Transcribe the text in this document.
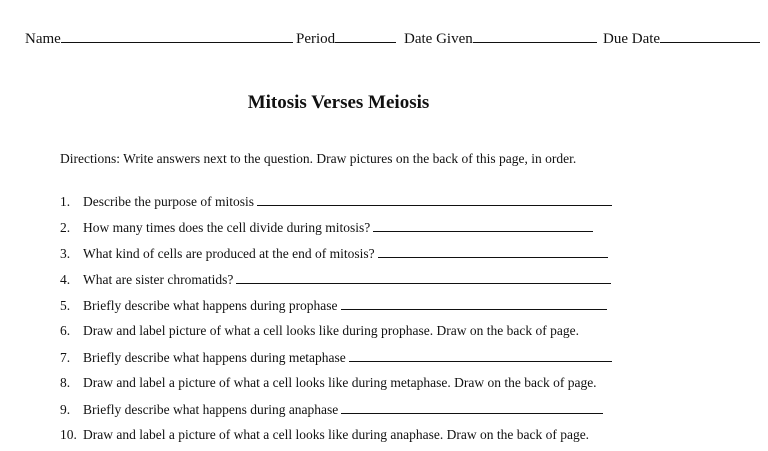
Name	Period	Date Given	Due Date
Mitosis Verses Meiosis
Directions: Write answers next to the question. Draw pictures on the back of this page, in order.
1. Describe the purpose of mitosis
2. How many times does the cell divide during mitosis?
3. What kind of cells are produced at the end of mitosis?
4. What are sister chromatids?
5. Briefly describe what happens during prophase
6. Draw and label picture of what a cell looks like during prophase. Draw on the back of page.
7. Briefly describe what happens during metaphase
8. Draw and label a picture of what a cell looks like during metaphase. Draw on the back of page.
9. Briefly describe what happens during anaphase
10. Draw and label a picture of what a cell looks like during anaphase. Draw on the back of page.
